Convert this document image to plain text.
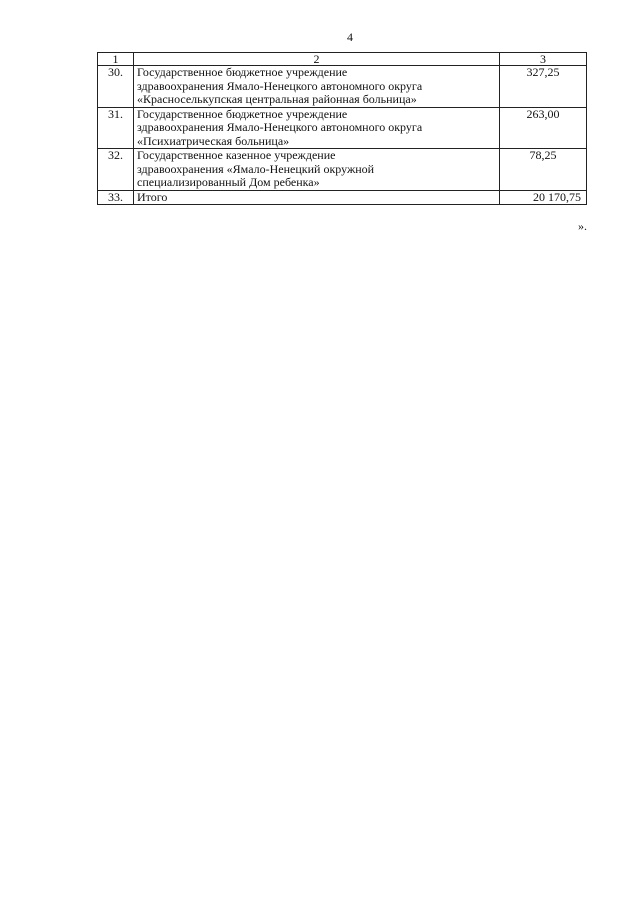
4
1	2	3
30.	Государственное бюджетное учреждение
здравоохранения Ямало-Ненецкого автономного округа
«Красноселькупская центральная районная больница»	327,25
31.	Государственное бюджетное учреждение
здравоохранения Ямало-Ненецкого автономного округа
«Психиатрическая больница»	263,00
32.	Государственное казенное учреждение
здравоохранения «Ямало-Ненецкий окружной
специализированный Дом ребенка»	78,25
33.	Итого	20 170,75
».
